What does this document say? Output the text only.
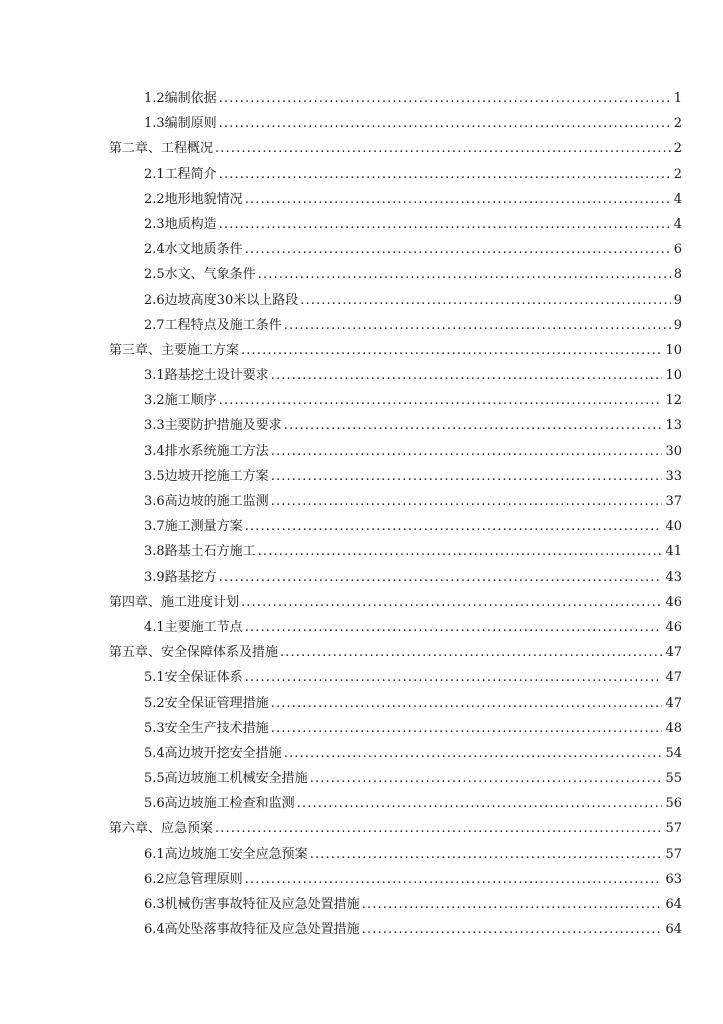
1.2编制依据 . . .	1
1.3编制原则 . . .	2
第二章、工程概况 . . .	2
2.1工程简介 . . .	2
2.2地形地貌情况 . . .	4
2.3地质构造 . . .	4
2.4水文地质条件 . . .	6
2.5水文、气象条件 . . .	8
2.6边坡高度30米以上路段 . . .	9
2.7工程特点及施工条件 . . .	9
第三章、主要施工方案 . . .	10
3.1路基挖土设计要求 . . .	10
3.2施工顺序 . . .	12
3.3主要防护措施及要求 . . .	13
3.4排水系统施工方法 . . .	30
3.5边坡开挖施工方案 . . .	33
3.6高边坡的施工监测 . . .	37
3.7施工测量方案 . . .	40
3.8路基土石方施工 . . .	41
3.9路基挖方 . . .	43
第四章、施工进度计划 . . .	46
4.1主要施工节点 . . .	46
第五章、安全保障体系及措施 . . .	47
5.1安全保证体系 . . .	47
5.2安全保证管理措施 . . .	47
5.3安全生产技术措施 . . .	48
5.4高边坡开挖安全措施 . . .	54
5.5高边坡施工机械安全措施 . . .	55
5.6高边坡施工检查和监测 . . .	56
第六章、应急预案 . . .	57
6.1高边坡施工安全应急预案 . . .	57
6.2应急管理原则 . . .	63
6.3机械伤害事故特征及应急处置措施 . . .	64
6.4高处坠落事故特征及应急处置措施 . . .	64
